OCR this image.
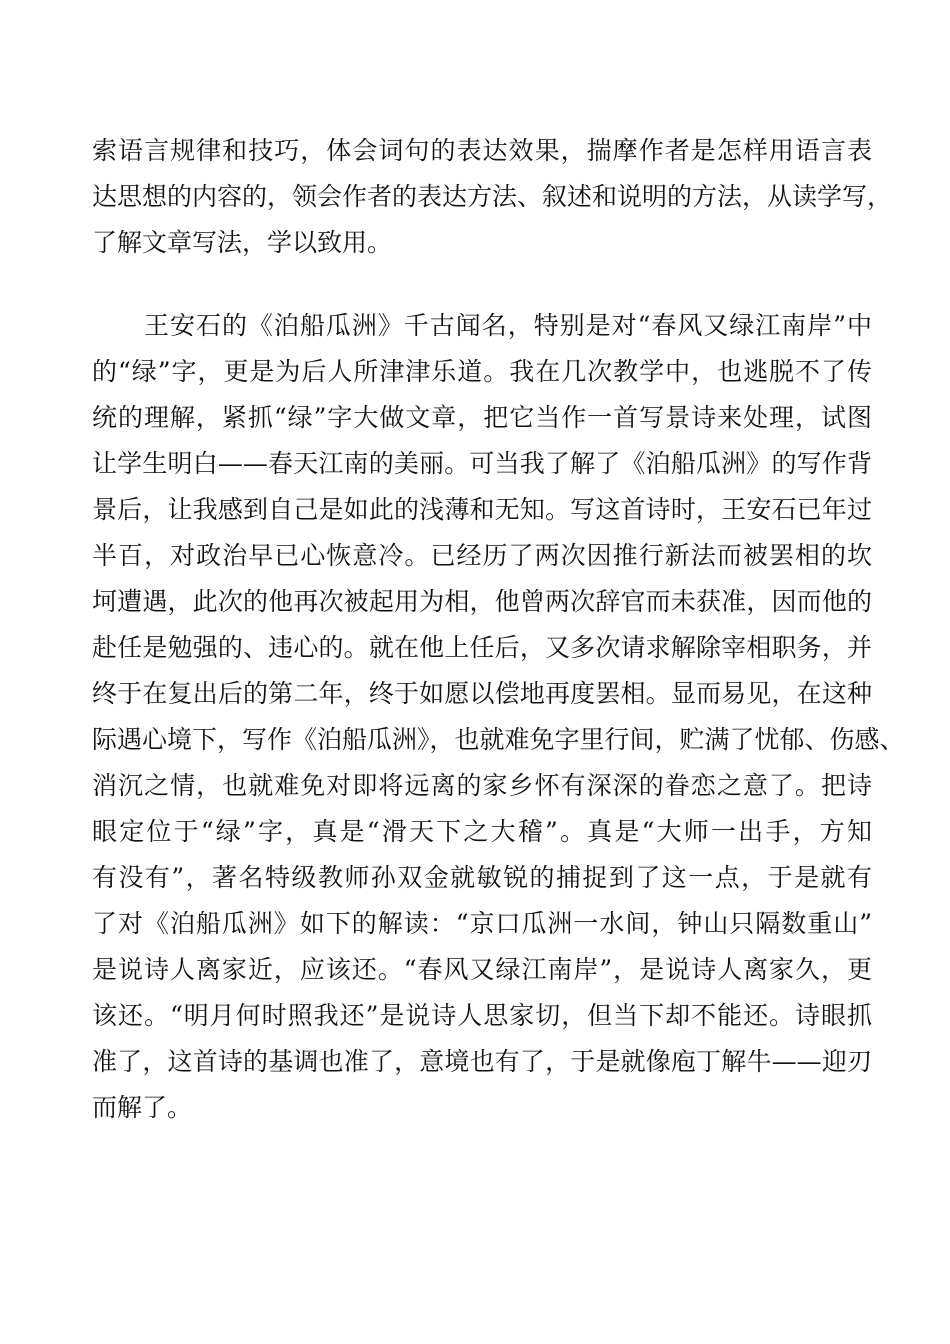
索语言规律和技巧，体会词句的表达效果，揣摩作者是怎样用语言表
达思想的内容的，领会作者的表达方法、叙述和说明的方法，从读学写，
了解文章写法，学以致用。
王安石的《泊船瓜洲》千古闻名，特别是对“春风又绿江南岸”中
的“绿”字，更是为后人所津津乐道。我在几次教学中，也逃脱不了传
统的理解，紧抓“绿”字大做文章，把它当作一首写景诗来处理，试图
让学生明白——春天江南的美丽。可当我了解了《泊船瓜洲》的写作背
景后，让我感到自己是如此的浅薄和无知。写这首诗时，王安石已年过
半百，对政治早已心恢意冷。已经历了两次因推行新法而被罢相的坎
坷遭遇，此次的他再次被起用为相，他曾两次辞官而未获准，因而他的
赴任是勉强的、违心的。就在他上任后，又多次请求解除宰相职务，并
终于在复出后的第二年，终于如愿以偿地再度罢相。显而易见，在这种
际遇心境下，写作《泊船瓜洲》，也就难免字里行间，贮满了忧郁、伤感、
消沉之情，也就难免对即将远离的家乡怀有深深的眷恋之意了。把诗
眼定位于“绿”字，真是“滑天下之大稽”。真是“大师一出手，方知
有没有”，著名特级教师孙双金就敏锐的捕捉到了这一点，于是就有
了对《泊船瓜洲》如下的解读：“京口瓜洲一水间，钟山只隔数重山”
是说诗人离家近，应该还。“春风又绿江南岸”，是说诗人离家久，更
该还。“明月何时照我还”是说诗人思家切，但当下却不能还。诗眼抓
准了，这首诗的基调也准了，意境也有了，于是就像庖丁解牛——迎刃
而解了。
